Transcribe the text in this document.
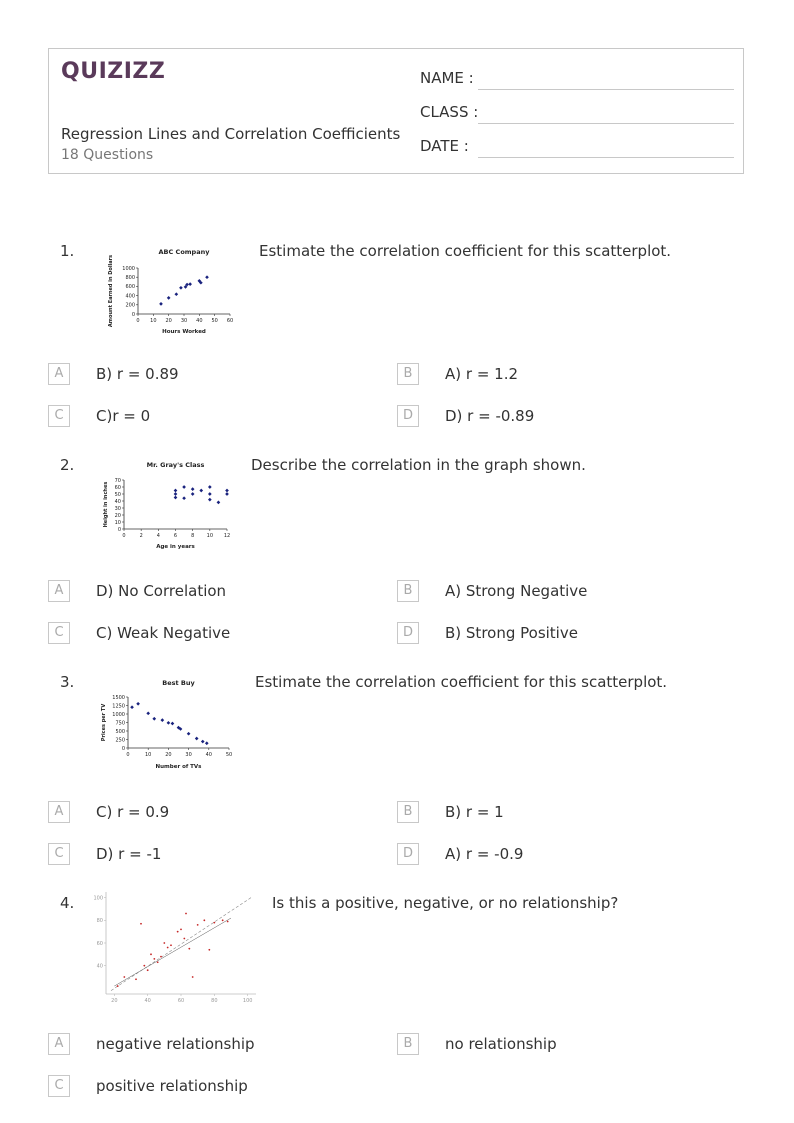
QUIZIZZ
Regression Lines and Correlation Coefficients
18 Questions
NAME :
CLASS :
DATE :
1.	ABC Company
Hours Worked
Amount Earned in Dollars	0 10 20 30 40 50 60
0
200
400
600
800
1000
Estimate the correlation coefficient for this scatterplot.
A	B) r = 0.89	B	A) r = 1.2
C	C)r = 0	D	D) r = -0.89
2.	Mr. Gray's Class
Age in years
Height in inches
0	2	4	6	8 10 12
0
10
20
30
40
50
60
70
Describe the correlation in the graph shown.
A	D) No Correlation	B	A) Strong Negative
C	C) Weak Negative	D	B) Strong Positive
3.	Best Buy
Number of TVs
Prices per TV
0	10	20	30	40	50
0
250
500
750
1000
1250
1500
Estimate the correlation coefficient for this scatterplot.
A	C) r = 0.9	B	B) r = 1
C	D) r = -1	D	A) r = -0.9
4.
20	40	60	80	100
40
60
80
100	Is this a positive, negative, or no relationship?
A	negative relationship	B	no relationship
C	positive relationship
